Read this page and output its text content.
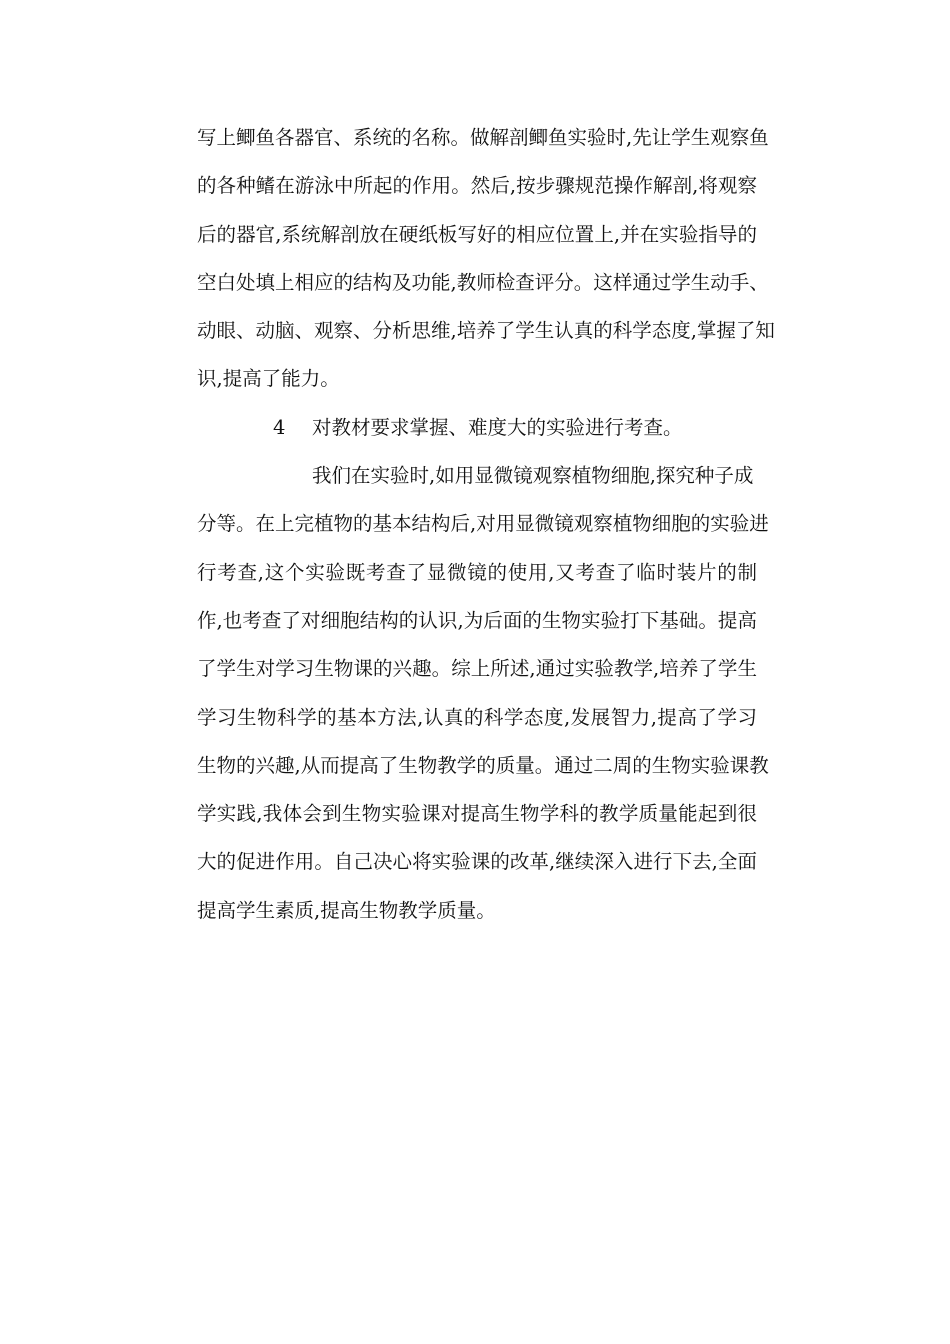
写上鲫鱼各器官、系统的名称。做解剖鲫鱼实验时,先让学生观察鱼
的各种鳍在游泳中所起的作用。然后,按步骤规范操作解剖,将观察
后的器官,系统解剖放在硬纸板写好的相应位置上,并在实验指导的
空白处填上相应的结构及功能,教师检查评分。这样通过学生动手、
动眼、动脑、观察、分析思维,培养了学生认真的科学态度,掌握了知
识,提高了能力。
4 对教材要求掌握、难度大的实验进行考查。
我们在实验时,如用显微镜观察植物细胞,探究种子成
分等。在上完植物的基本结构后,对用显微镜观察植物细胞的实验进
行考查,这个实验既考查了显微镜的使用,又考查了临时装片的制
作,也考查了对细胞结构的认识,为后面的生物实验打下基础。提高
了学生对学习生物课的兴趣。综上所述,通过实验教学,培养了学生
学习生物科学的基本方法,认真的科学态度,发展智力,提高了学习
生物的兴趣,从而提高了生物教学的质量。通过二周的生物实验课教
学实践,我体会到生物实验课对提高生物学科的教学质量能起到很
大的促进作用。自己决心将实验课的改革,继续深入进行下去,全面
提高学生素质,提高生物教学质量。
